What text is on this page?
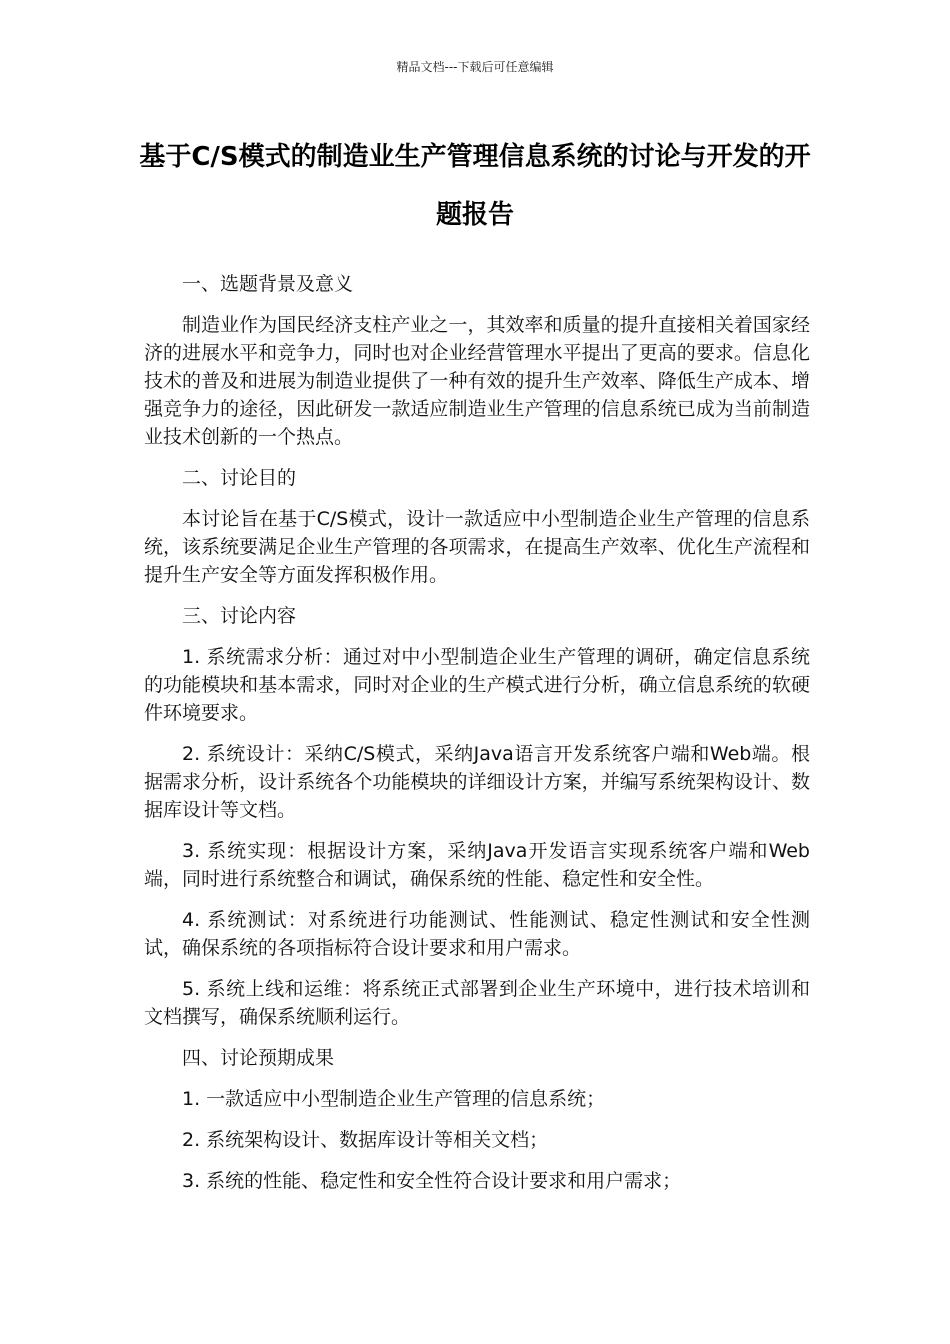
精品文档---下载后可任意编辑
基于C/S模式的制造业生产管理信息系统的讨论与开发的开题报告

一、选题背景及意义

制造业作为国民经济支柱产业之一，其效率和质量的提升直接相关着国家经济的进展水平和竞争力，同时也对企业经营管理水平提出了更高的要求。信息化技术的普及和进展为制造业提供了一种有效的提升生产效率、降低生产成本、增强竞争力的途径，因此研发一款适应制造业生产管理的信息系统已成为当前制造业技术创新的一个热点。

二、讨论目的

本讨论旨在基于C/S模式，设计一款适应中小型制造企业生产管理的信息系统，该系统要满足企业生产管理的各项需求，在提高生产效率、优化生产流程和提升生产安全等方面发挥积极作用。

三、讨论内容

1. 系统需求分析：通过对中小型制造企业生产管理的调研，确定信息系统的功能模块和基本需求，同时对企业的生产模式进行分析，确立信息系统的软硬件环境要求。

2. 系统设计：采纳C/S模式，采纳Java语言开发系统客户端和Web端。根据需求分析，设计系统各个功能模块的详细设计方案，并编写系统架构设计、数据库设计等文档。

3. 系统实现：根据设计方案，采纳Java开发语言实现系统客户端和Web端，同时进行系统整合和调试，确保系统的性能、稳定性和安全性。

4. 系统测试：对系统进行功能测试、性能测试、稳定性测试和安全性测试，确保系统的各项指标符合设计要求和用户需求。

5. 系统上线和运维：将系统正式部署到企业生产环境中，进行技术培训和文档撰写，确保系统顺利运行。

四、讨论预期成果

1. 一款适应中小型制造企业生产管理的信息系统；

2. 系统架构设计、数据库设计等相关文档；

3. 系统的性能、稳定性和安全性符合设计要求和用户需求；
